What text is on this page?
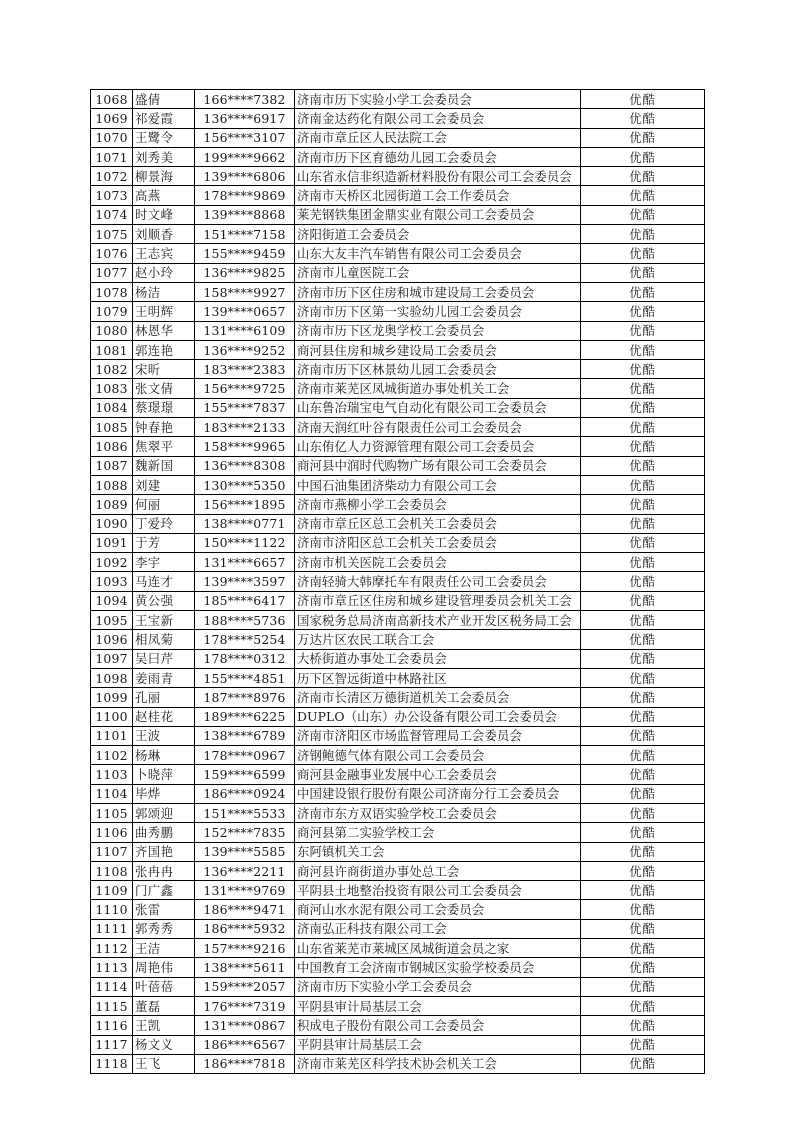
1068	盛倩	166****7382	济南市历下实验小学工会委员会	优酷
1069	祁爱霞	136****6917	济南金达药化有限公司工会委员会	优酷
1070	王鹭令	156****3107	济南市章丘区人民法院工会	优酷
1071	刘秀美	199****9662	济南市历下区育德幼儿园工会委员会	优酷
1072	柳景海	139****6806	山东省永信非织造新材料股份有限公司工会委员会	优酷
1073	高燕	178****9869	济南市天桥区北园街道工会工作委员会	优酷
1074	时文峰	139****8868	莱芜钢铁集团金鼎实业有限公司工会委员会	优酷
1075	刘顺香	151****7158	济阳街道工会委员会	优酷
1076	王志宾	155****9459	山东大友丰汽车销售有限公司工会委员会	优酷
1077	赵小玲	136****9825	济南市儿童医院工会	优酷
1078	杨洁	158****9927	济南市历下区住房和城市建设局工会委员会	优酷
1079	王明辉	139****0657	济南市历下区第一实验幼儿园工会委员会	优酷
1080	林恩华	131****6109	济南市历下区龙奥学校工会委员会	优酷
1081	郭连艳	136****9252	商河县住房和城乡建设局工会委员会	优酷
1082	宋昕	183****2383	济南市历下区林景幼儿园工会委员会	优酷
1083	张文倩	156****9725	济南市莱芜区凤城街道办事处机关工会	优酷
1084	蔡璟璟	155****7837	山东鲁冶瑞宝电气自动化有限公司工会委员会	优酷
1085	钟春艳	183****2133	济南天润红叶谷有限责任公司工会委员会	优酷
1086	焦翠平	158****9965	山东侑亿人力资源管理有限公司工会委员会	优酷
1087	魏新国	136****8308	商河县中润时代购物广场有限公司工会委员会	优酷
1088	刘建	130****5350	中国石油集团济柴动力有限公司工会	优酷
1089	何丽	156****1895	济南市燕柳小学工会委员会	优酷
1090	丁爱玲	138****0771	济南市章丘区总工会机关工会委员会	优酷
1091	于芳	150****1122	济南市济阳区总工会机关工会委员会	优酷
1092	李宇	131****6657	济南市机关医院工会委员会	优酷
1093	马连才	139****3597	济南轻骑大韩摩托车有限责任公司工会委员会	优酷
1094	黄公强	185****6417	济南市章丘区住房和城乡建设管理委员会机关工会	优酷
1095	王宝新	188****5736	国家税务总局济南高新技术产业开发区税务局工会	优酷
1096	相凤菊	178****5254	万达片区农民工联合工会	优酷
1097	吴曰芹	178****0312	大桥街道办事处工会委员会	优酷
1098	姜雨青	155****4851	历下区智远街道中林路社区	优酷
1099	孔丽	187****8976	济南市长清区万德街道机关工会委员会	优酷
1100	赵桂花	189****6225	DUPLO（山东）办公设备有限公司工会委员会	优酷
1101	王波	138****6789	济南市济阳区市场监督管理局工会委员会	优酷
1102	杨琳	178****0967	济钢鲍德气体有限公司工会委员会	优酷
1103	卜晓萍	159****6599	商河县金融事业发展中心工会委员会	优酷
1104	毕烨	186****0924	中国建设银行股份有限公司济南分行工会委员会	优酷
1105	郭颂迎	151****5533	济南市东方双语实验学校工会委员会	优酷
1106	曲秀鹏	152****7835	商河县第二实验学校工会	优酷
1107	齐国艳	139****5585	东阿镇机关工会	优酷
1108	张冉冉	136****2211	商河县许商街道办事处总工会	优酷
1109	门广鑫	131****9769	平阴县土地整治投资有限公司工会委员会	优酷
1110	张雷	186****9471	商河山水水泥有限公司工会委员会	优酷
1111	郭秀秀	186****5932	济南弘正科技有限公司工会	优酷
1112	王洁	157****9216	山东省莱芜市莱城区凤城街道会员之家	优酷
1113	周艳伟	138****5611	中国教育工会济南市钢城区实验学校委员会	优酷
1114	叶蓓蓓	159****2057	济南市历下实验小学工会委员会	优酷
1115	董磊	176****7319	平阴县审计局基层工会	优酷
1116	王凯	131****0867	积成电子股份有限公司工会委员会	优酷
1117	杨文义	186****6567	平阴县审计局基层工会	优酷
1118	王飞	186****7818	济南市莱芜区科学技术协会机关工会	优酷
